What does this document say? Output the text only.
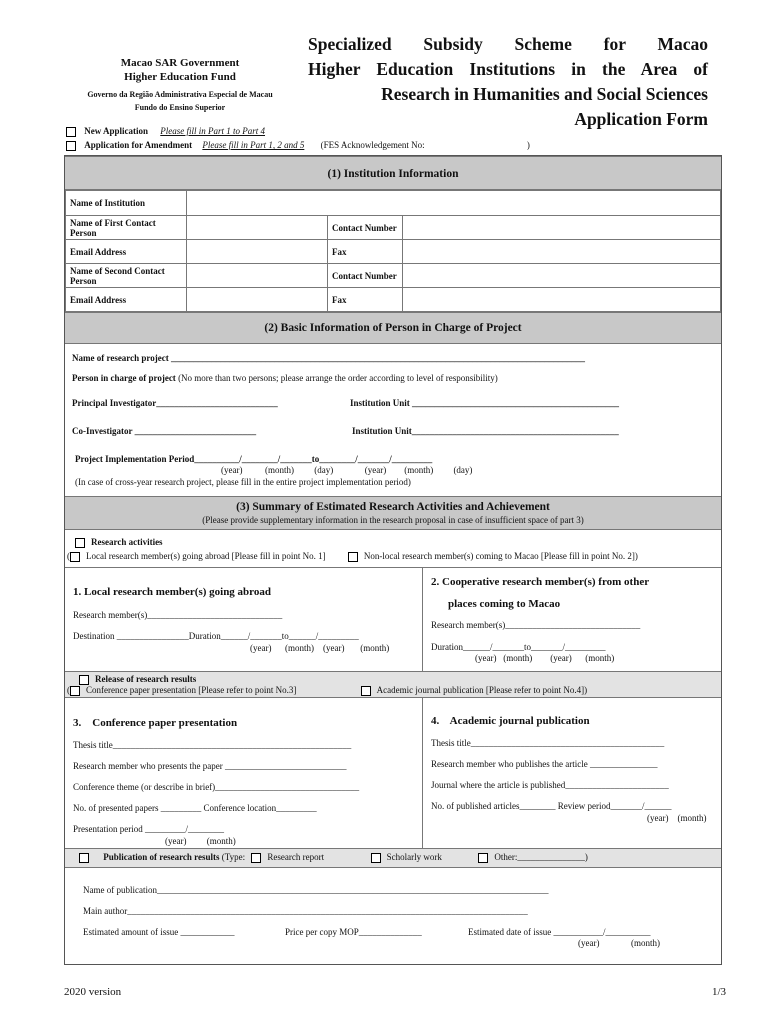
Macao SAR Government
Higher Education Fund
Governo da Região Administrativa Especial de Macau
Fundo do Ensino Superior
Specialized Subsidy Scheme for Macao
Higher Education Institutions in the Area of
Research in Humanities and Social Sciences
Application Form
New Application Please fill in Part 1 to Part 4
Application for Amendment Please fill in Part 1, 2 and 5 (FES Acknowledgement No:	)
(1) Institution Information
Name of Institution			
Name of First Contact Person		Contact Number	
Email Address		Fax	
Name of Second Contact Person		Contact Number	
Email Address		Fax	
(2) Basic Information of Person in Charge of Project
Name of research project ____________________________________________________________________________________________
Person in charge of project (No more than two persons; please arrange the order according to level of responsibility)
Principal Investigator___________________________	Institution Unit ______________________________________________
Co-Investigator ___________________________	Institution Unit______________________________________________
Project Implementation Period__________/________/_______to________/_______/_________
(year)          (month)         (day)              (year)        (month)         (day)
(In case of cross-year research project, please fill in the entire project implementation period)
(3) Summary of Estimated Research Activities and Achievement
(Please provide supplementary information in the research proposal in case of insufficient space of part 3)
Research activities
( Local research member(s) going abroad [Please fill in point No. 1]	Non-local research member(s) coming to Macao [Please fill in point No. 2])
1. Local research member(s) going abroad
Research member(s)______________________________
Destination ________________Duration______/_______to______/_________
(year)      (month)    (year)       (month)
2. Cooperative research member(s) from other
places coming to Macao
Research member(s)______________________________
Duration______/_______to_______/_________
(year)   (month)        (year)      (month)
Release of research results
( Conference paper presentation [Please refer to point No.3]	Academic journal publication [Please refer to point No.4])
3.    Conference paper presentation
Thesis title_____________________________________________________
Research member who presents the paper ___________________________
Conference theme (or describe in brief)________________________________
No. of presented papers _________ Conference location_________
Presentation period _________/________
(year)         (month)
4.    Academic journal publication
Thesis title___________________________________________
Research member who publishes the article _______________
Journal where the article is published_______________________
No. of published articles________ Review period_______/______
(year)    (month)
Publication of research results (Type: Research report	Scholarly work	Other:_______________)
Name of publication_______________________________________________________________________________________
Main author_________________________________________________________________________________________
Estimated amount of issue ____________	Price per copy MOP______________	Estimated date of issue ___________/__________
(year)              (month)
2020 version	1/3
